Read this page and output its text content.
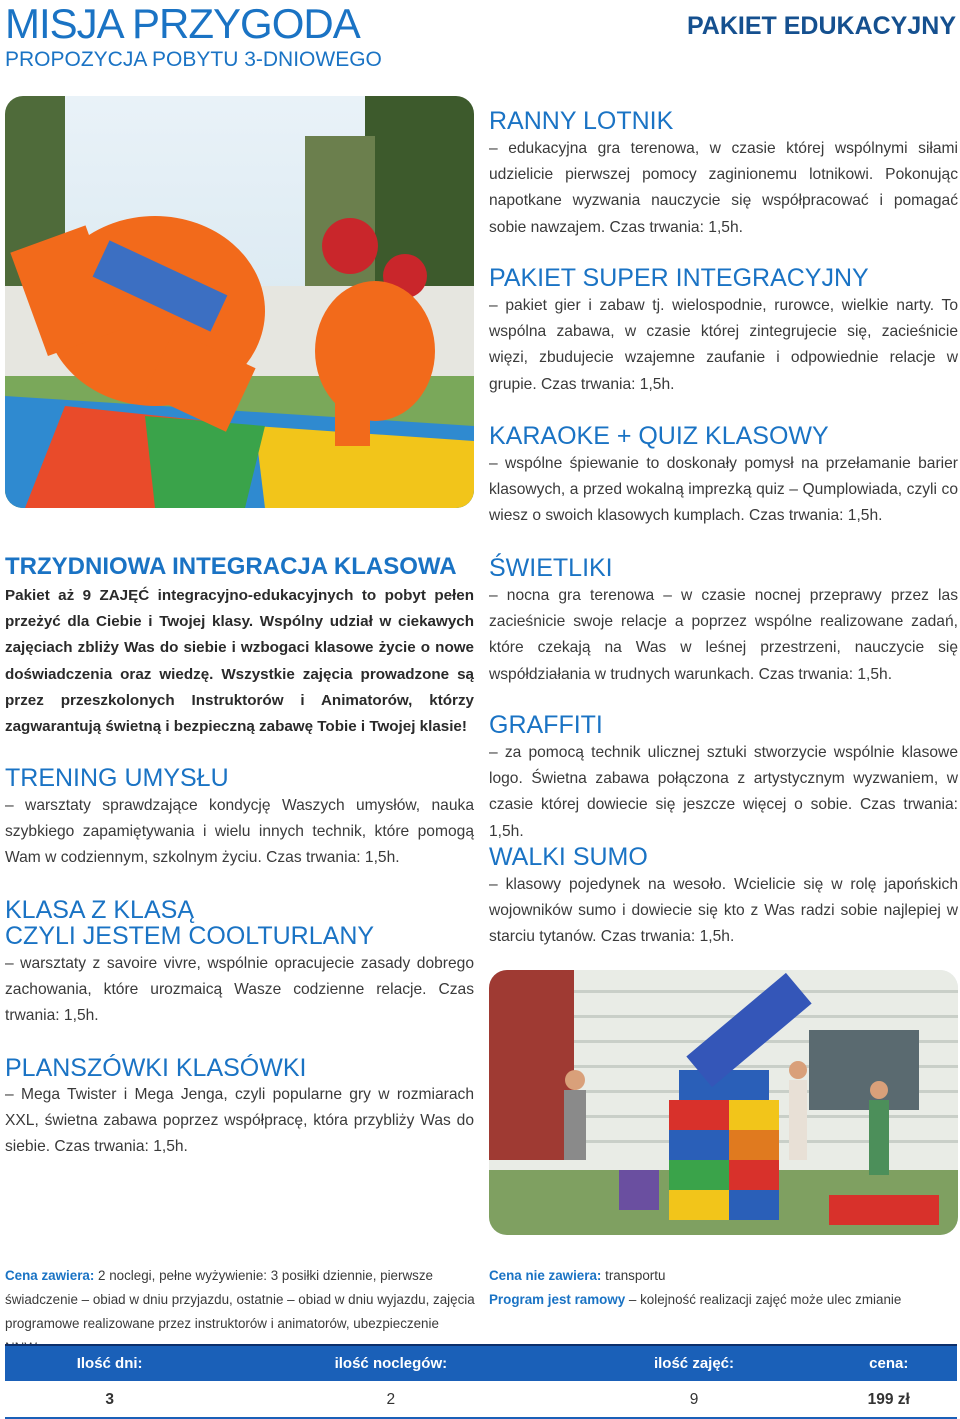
MISJA PRZYGODA
PROPOZYCJA POBYTU 3-DNIOWEGO
PAKIET EDUKACYJNY
TRZYDNIOWA INTEGRACJA KLASOWA

Pakiet aż 9 ZAJĘĆ integracyjno-edukacyjnych to pobyt pełen przeżyć dla Ciebie i Twojej klasy. Wspólny udział w ciekawych zajęciach zbliży Was do siebie i wzbogaci klasowe życie o nowe doświadczenia oraz wiedzę. Wszystkie zajęcia prowadzone są przez przeszkolonych Instruktorów i Animatorów, którzy zagwarantują świetną i bezpieczną zabawę Tobie i Twojej klasie!

TRENING UMYSŁU

– warsztaty sprawdzające kondycję Waszych umysłów, nauka szybkiego zapamiętywania i wielu innych technik, które pomogą Wam w codziennym, szkolnym życiu. Czas trwania: 1,5h.

KLASA Z KLASĄ
CZYLI JESTEM COOLTURLANY

– warsztaty z savoire vivre, wspólnie opracujecie zasady dobrego zachowania, które urozmaicą Wasze codzienne relacje. Czas trwania: 1,5h.

PLANSZÓWKI KLASÓWKI

– Mega Twister i Mega Jenga, czyli popularne gry w rozmiarach XXL, świetna zabawa poprzez współpracę, która przybliży Was do siebie. Czas trwania: 1,5h.

RANNY LOTNIK

– edukacyjna gra terenowa, w czasie której wspólnymi siłami udzielicie pierwszej pomocy zaginionemu lotnikowi. Pokonując napotkane wyzwania nauczycie się współpracować i pomagać sobie nawzajem. Czas trwania: 1,5h.

PAKIET SUPER INTEGRACYJNY

– pakiet gier i zabaw tj. wielospodnie, rurowce, wielkie narty. To wspólna zabawa, w czasie której zintegrujecie się, zacieśnicie więzi, zbudujecie wzajemne zaufanie i odpowiednie relacje w grupie. Czas trwania: 1,5h.

KARAOKE + QUIZ KLASOWY

– wspólne śpiewanie to doskonały pomysł na przełamanie barier klasowych, a przed wokalną imprezką quiz – Qumplowiada, czyli co wiesz o swoich klasowych kumplach. Czas trwania: 1,5h.

ŚWIETLIKI

– nocna gra terenowa – w czasie nocnej przeprawy przez las zacieśnicie swoje relacje a poprzez wspólne realizowane zadań, które czekają na Was w leśnej przestrzeni, nauczycie się współdziałania w trudnych warunkach. Czas trwania: 1,5h.

GRAFFITI

– za pomocą technik ulicznej sztuki stworzycie wspólnie klasowe logo. Świetna zabawa połączona z artystycznym wyzwaniem, w czasie której dowiecie się jeszcze więcej o sobie. Czas trwania: 1,5h.

WALKI SUMO

– klasowy pojedynek na wesoło. Wcielicie się w rolę japońskich wojowników sumo i dowiecie się kto z Was radzi sobie najlepiej w starciu tytanów. Czas trwania: 1,5h.

Cena zawiera: 2 noclegi, pełne wyżywienie: 3 posiłki dziennie, pierwsze świadczenie – obiad w dniu przyjazdu, ostatnie – obiad w dniu wyjazdu, zajęcia programowe realizowane przez instruktorów i animatorów, ubezpieczenie

Cena nie zawiera: transportu

Program jest ramowy – kolejność realizacji zajęć może ulec zmianie

Ilość dni:	ilość noclegów:	ilość zajęć:	cena:
3	2	9	199 zł
